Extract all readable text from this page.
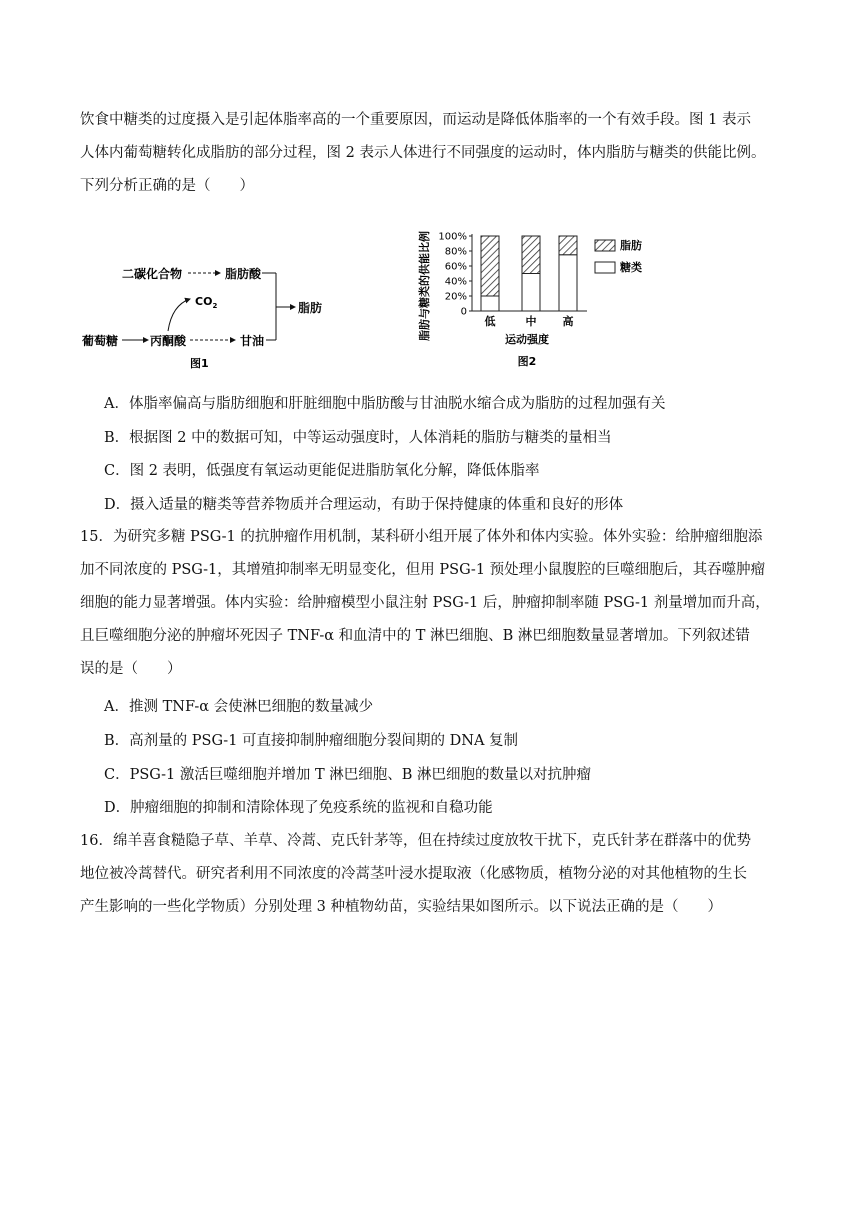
饮食中糖类的过度摄入是引起体脂率高的一个重要原因，而运动是降低体脂率的一个有效手段。图 1 表示
人体内葡萄糖转化成脂肪的部分过程，图 2 表示人体进行不同强度的运动时，体内脂肪与糖类的供能比例。
下列分析正确的是（　　）
二碳化合物	脂肪酸
$CO_2$
葡萄糖	丙酮酸	甘油
脂肪
图1
脂肪与糖类的供能比例	运动强度
图2
0
20%
40%
60%
80%
100%
低	中 高
脂肪
糖类
A．体脂率偏高与脂肪细胞和肝脏细胞中脂肪酸与甘油脱水缩合成为脂肪的过程加强有关
B．根据图 2 中的数据可知，中等运动强度时，人体消耗的脂肪与糖类的量相当
C．图 2 表明，低强度有氧运动更能促进脂肪氧化分解，降低体脂率
D．摄入适量的糖类等营养物质并合理运动，有助于保持健康的体重和良好的形体
15．为研究多糖 PSG-1 的抗肿瘤作用机制，某科研小组开展了体外和体内实验。体外实验：给肿瘤细胞添
加不同浓度的 PSG-1，其增殖抑制率无明显变化，但用 PSG-1 预处理小鼠腹腔的巨噬细胞后，其吞噬肿瘤
细胞的能力显著增强。体内实验：给肿瘤模型小鼠注射 PSG-1 后，肿瘤抑制率随 PSG-1 剂量增加而升高，
且巨噬细胞分泌的肿瘤坏死因子 TNF-α 和血清中的 T 淋巴细胞、B 淋巴细胞数量显著增加。下列叙述错
误的是（　　）
A．推测 TNF-α 会使淋巴细胞的数量减少
B．高剂量的 PSG-1 可直接抑制肿瘤细胞分裂间期的 DNA 复制
C．PSG-1 激活巨噬细胞并增加 T 淋巴细胞、B 淋巴细胞的数量以对抗肿瘤
D．肿瘤细胞的抑制和清除体现了免疫系统的监视和自稳功能
16．绵羊喜食糙隐子草、羊草、冷蒿、克氏针茅等，但在持续过度放牧干扰下，克氏针茅在群落中的优势
地位被冷蒿替代。研究者利用不同浓度的冷蒿茎叶浸水提取液（化感物质，植物分泌的对其他植物的生长
产生影响的一些化学物质）分别处理 3 种植物幼苗，实验结果如图所示。以下说法正确的是（　　）
